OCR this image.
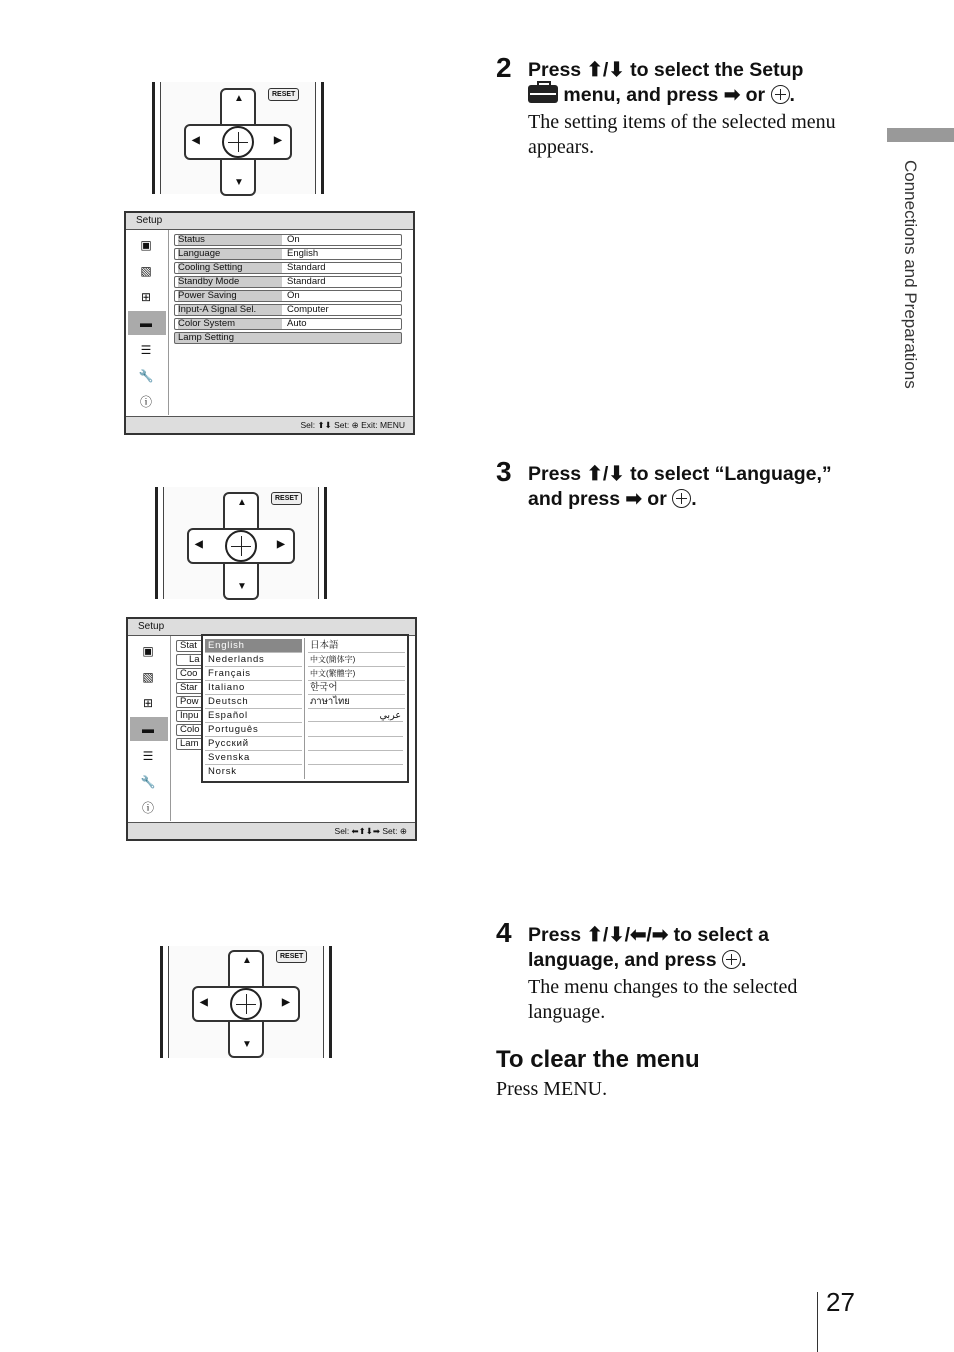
Connections and Preparations
27
▲
▼
◀	▶
RESET
Setup
▣
▧
⊞
▬
☰
🔧
ⓘ
Status	On
Language	English
Cooling Setting	Standard
Standby Mode	Standard
Power Saving	On
Input-A Signal Sel.	Computer
Color System	Auto
Lamp Setting
Sel: ⬆⬇ Set: ⊕ Exit: MENU
▲
▼
◀	▶
RESET
Setup
▣
▧
⊞
▬
☰
🔧
ⓘ
Stat
La
Coo
Star
Pow
Inpu
Colo
Lam
English
Nederlands
Français
Italiano
Deutsch
Español
Português
Русский
Svenska
Norsk
日本語
中文(簡体字)
中文(繁體字)
한국어
ภาษาไทย
عربي
Sel: ⬅⬆⬇➡ Set: ⊕
▲
▼
◀	▶
RESET
2 Press ⬆/⬇ to select the Setup
menu, and press ➡ or .
The setting items of the selected menu appears.
3 Press ⬆/⬇ to select “Language,”
and press ➡ or .
4 Press ⬆/⬇/⬅/➡ to select a
language, and press .
The menu changes to the selected language.
To clear the menu
Press MENU.
